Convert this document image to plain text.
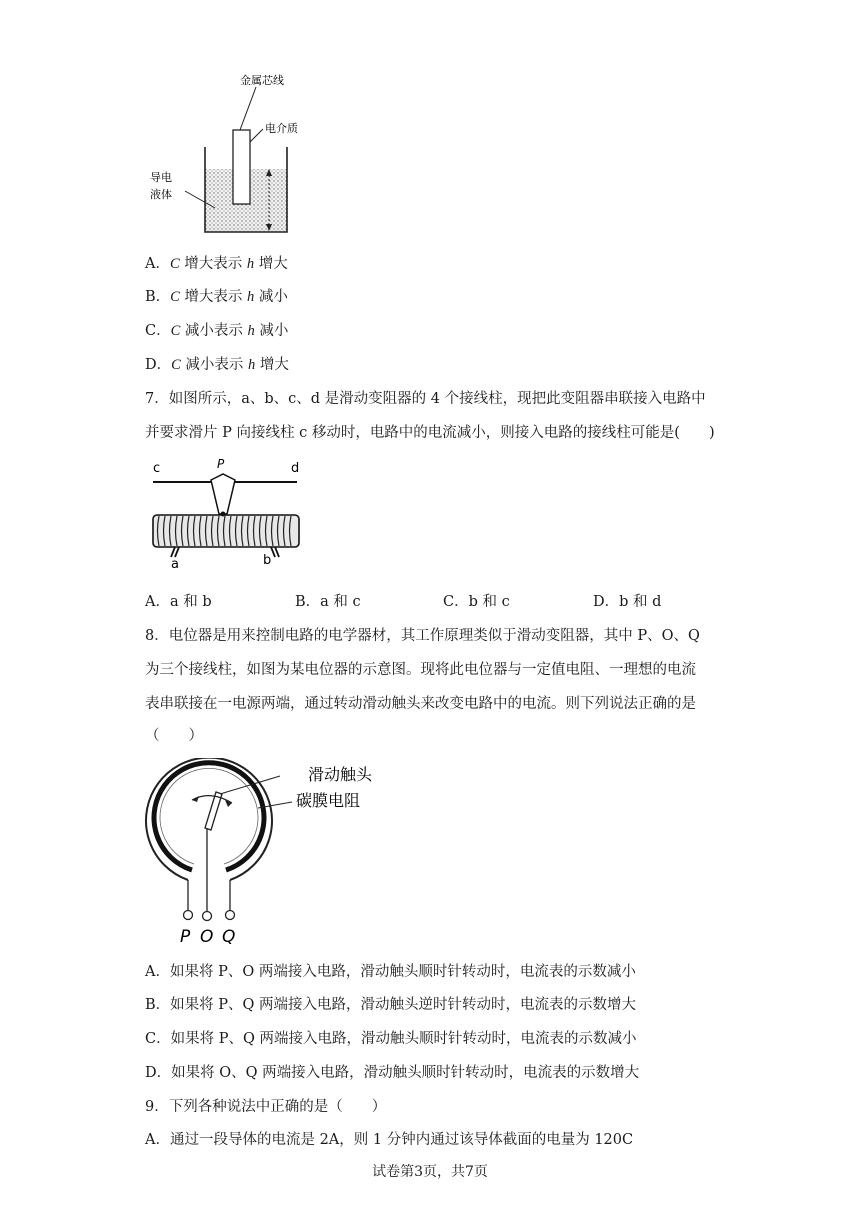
金属芯线
电介质
导电
液体
A．C 增大表示 h 增大
B．C 增大表示 h 减小
C．C 减小表示 h 减小
D．C 减小表示 h 增大
7．如图所示，a、b、c、d 是滑动变阻器的 4 个接线柱，现把此变阻器串联接入电路中
并要求滑片 P 向接线柱 c 移动时，电路中的电流减小，则接入电路的接线柱可能是(　　)
c	d
P
a	b
A．a 和 b	B．a 和 c	C．b 和 c	D．b 和 d
8．电位器是用来控制电路的电学器材，其工作原理类似于滑动变阻器，其中 P、O、Q
为三个接线柱，如图为某电位器的示意图。现将此电位器与一定值电阻、一理想的电流
表串联接在一电源两端，通过转动滑动触头来改变电路中的电流。则下列说法正确的是
（　　）
滑动触头
碳膜电阻
P O Q
A．如果将 P、O 两端接入电路，滑动触头顺时针转动时，电流表的示数减小
B．如果将 P、Q 两端接入电路，滑动触头逆时针转动时，电流表的示数增大
C．如果将 P、Q 两端接入电路，滑动触头顺时针转动时，电流表的示数减小
D．如果将 O、Q 两端接入电路，滑动触头顺时针转动时，电流表的示数增大
9．下列各种说法中正确的是（　　）
A．通过一段导体的电流是 2A，则 1 分钟内通过该导体截面的电量为 120C
试卷第3页，共7页
